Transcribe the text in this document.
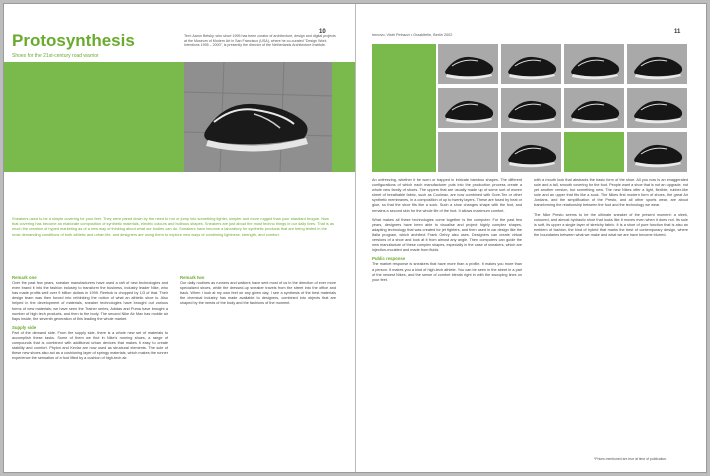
10
Protosynthesis
Shoes for the 21st-century road warrior
Text: Aaron Betsky, who since 1995 has been curator of architecture, design and digital projects at the Museum of Modern Art in San Francisco (USA), where he co-curated "Design Work Intentions 1995 – 2000", is presently the director of the Netherlands Architecture Institute.
Sneakers used to be a simple covering for your feet. They were pared down by the need to run or jump into something lighter, simpler and more rugged than your standard brogue. Now that covering has become an elaborate composition of synthetic materials, electric colours and bulbous shapes. Sneakers are just about the most techno things in our daily lives. That is as much the creation of hyped marketing as of a new way of thinking about what our bodies can do. Sneakers have become a laboratory for synthetic products that are being tested in the most demanding conditions of both athletic and urban life, and designers are using them to explore new ways of combining lightness, strength, and comfort.
Remark one

Over the past few years, sneaker manufacturers have used a raft of new technologies and even brand it into the fashion industry to transform the business, industry leader Nike, who has made profits well over 9 billion dollars in 1999. Reebok is chopped by 1/3 of that. Their design team was then forced into rethinking the notion of what an athletic shoe is. Also helped in the development of materials, sneaker technologies have brought out various forms of new materials; we have seen the Trainer series, Adidas and Puma have brought a number of high tech products, and then to the body. The second Nike Air Max has mobile air flaps inside, the seventh generation of this leading the whole market.

Supply side

Part of the demand side. From the supply side, there is a whole new set of materials to accomplish these tasks. Some of them we find in Nike's running shoes, a range of compounds that is combined with additional urban devices that makes it easy to create stability and comfort. Phylon and Kevlar are now used as structural elements. The sole of these new shoes also act as a cushioning layer of springy materials, which makes the runner experience the sensation of a foot lifted by a cushion of high-tech air.

Remark two

Our daily routines as runners and walkers have sent most of us in the direction of ever more specialized shoes, while the dressed-up sneaker travels from the street into the office and back. When I look at my own feet on any given day, I see a synthesis of the best materials the chemical industry has made available to designers, combined into objects that are shaped by the needs of the body and the fashions of the moment.

11
Imnovo; Vistri Petrazzi • Grazkltelle, Berlin 2002

An unfreezing, whether it be worn or trapped in intricate bamboo shapes. The different configurations of which each manufacturer puts into the production process create a whole new family of shoes. The uppers that are usually made up of some sort of woven sheet of breathable fabric, such as Coolmax, are now combined with Gore-Tex or other synthetic membranes, in a composition of up to twenty layers. These are fused by heat or glue, so that the shoe fits like a sock. Such a shoe changes shape with the foot, and remains a second skin for the whole life of the foot. It allows maximum comfort.

What makes all these technologies come together is the computer. For the past few years, designers have been able to visualise and project highly complex shapes, adapting technology that was created for jet fighters, and then used in car design like the Italia program, which architect Frank Gehry also uses. Designers can create virtual versions of a shoe and look at it from almost any angle. Then computers can guide the new manufacture of these complex shapes, especially in the case of sneakers, which are injection-moulded and made from fluids.

Public response

The market response is sneakers that have more than a profile. It makes you more than a person. It makes you a kind of high-tech athlete. You can be seen in the street in a pair of the newest Nikes, and the sense of comfort blends right in with the swooping lines on your feet.

with a mouth look that abstracts the basic form of the shoe. All you now is an exaggerated sole and a tall, smooth covering for the foot. People want a shoe that is not an upgrade, not yet another version, but something new. The new Nikes offer a light, flexible, rubber-like sole and an upper that fits like a sock. The Nikes first modern form of shoes, the great Air Jordans, and the simplification of the Presto, and all other sports wear, are about transforming the relationship between the foot and the technology we wear.

The Nike Presto seems to be the ultimate sneaker of the present moment: a sleek, coloured, and almost hydraulic shoe that looks like it moves even when it does not. Its sole is soft, its upper a single layer of stretchy fabric. It is a shoe of pure function that is also an emblem of fashion, the kind of hybrid that marks the best of contemporary design, where the boundaries between what we make and what we are have become blurred.

*Prices mentioned are true at time of publication.
